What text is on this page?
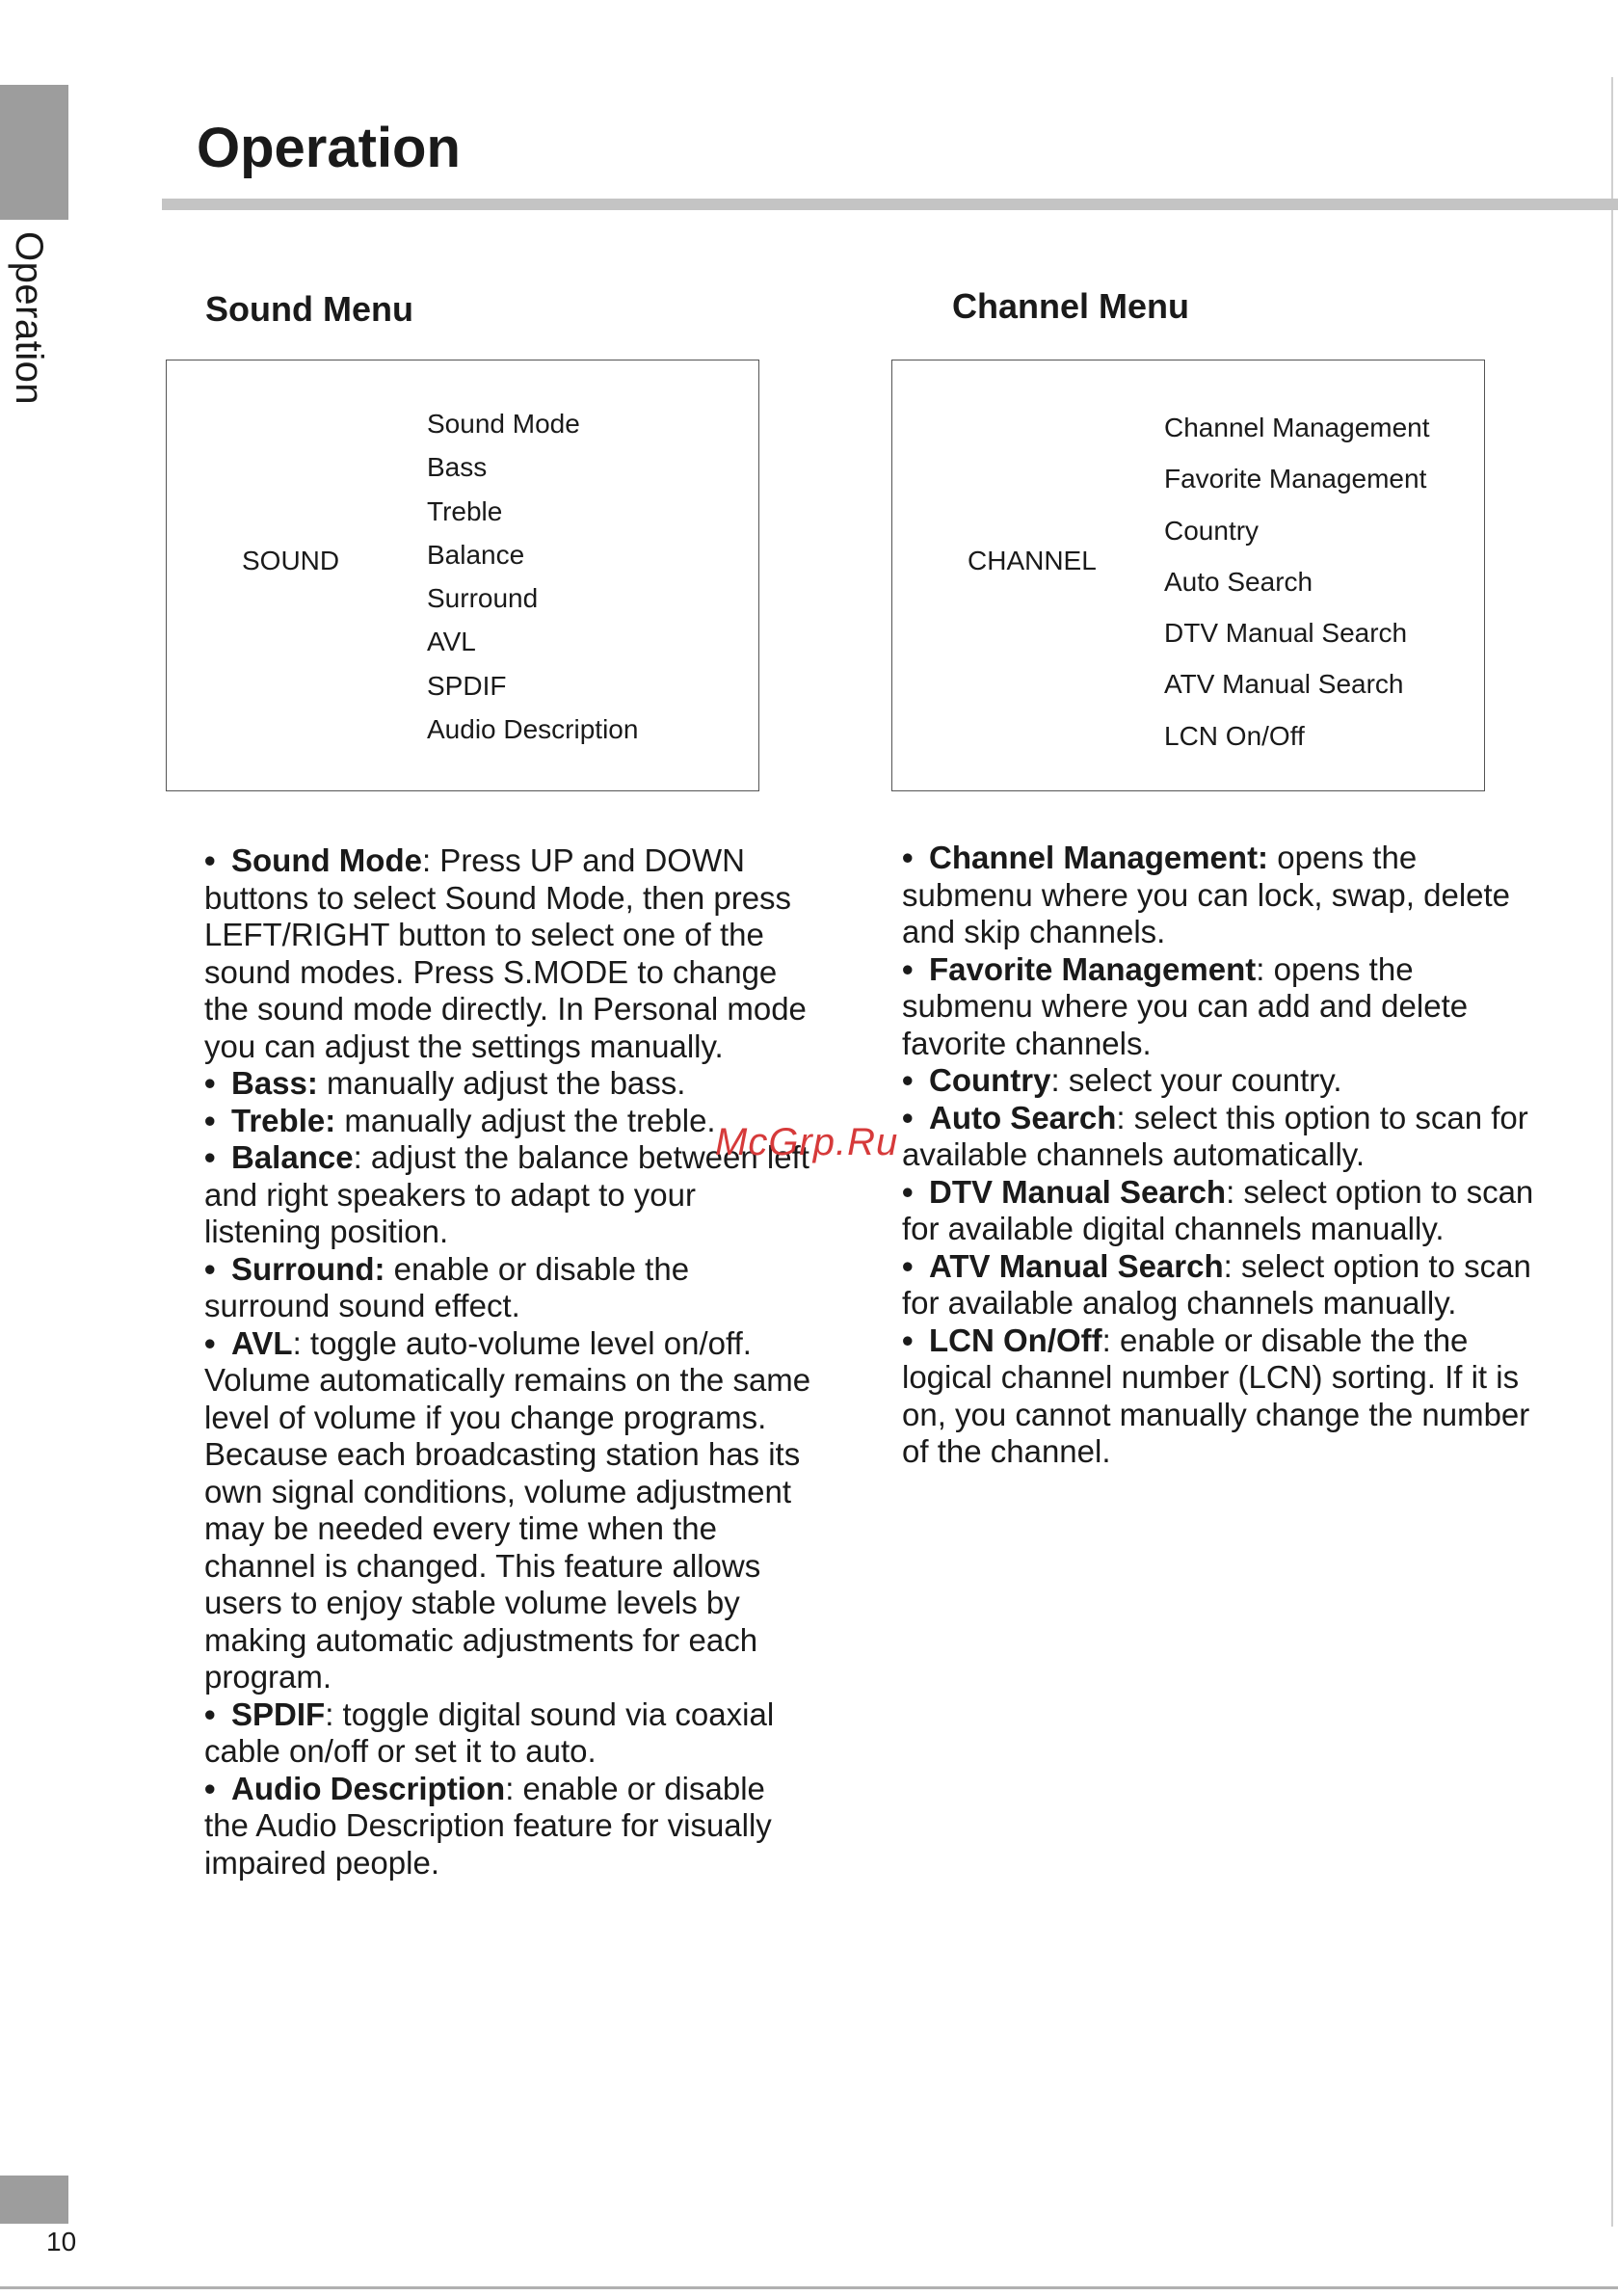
Operation
Operation
Sound Menu
SOUND
Sound Mode
Bass
Treble
Balance
Surround
AVL
SPDIF
Audio Description
Channel Menu
CHANNEL
Channel Management
Favorite Management
Country
Auto Search
DTV Manual Search
ATV Manual Search
LCN On/Off

• Sound Mode: Press UP and DOWN buttons to select Sound Mode, then press LEFT/RIGHT button to select one of the sound modes. Press S.MODE to change the sound mode directly. In Personal mode you can adjust the settings manually.

• Bass: manually adjust the bass.

• Treble: manually adjust the treble.

• Balance: adjust the balance between left and right speakers to adapt to your listening position.

• Surround: enable or disable the surround sound effect.

• AVL: toggle auto-volume level on/off. Volume automatically remains on the same level of volume if you change programs. Because each broadcasting station has its own signal conditions, volume adjustment may be needed every time when the channel is changed. This feature allows users to enjoy stable volume levels by making automatic adjustments for each program.

• SPDIF: toggle digital sound via coaxial cable on/off or set it to auto.

• Audio Description: enable or disable the Audio Description feature for visually impaired people.

• Channel Management: opens the submenu where you can lock, swap, delete and skip channels.

• Favorite Management: opens the submenu where you can add and delete favorite channels.

• Country: select your country.

• Auto Search: select this option to scan for available channels automatically.

• DTV Manual Search: select option to scan for available digital channels manually.

• ATV Manual Search: select option to scan for available analog channels manually.

• LCN On/Off: enable or disable the the logical channel number (LCN) sorting. If it is on, you cannot manually change the number of the channel.

McGrp.Ru
10
